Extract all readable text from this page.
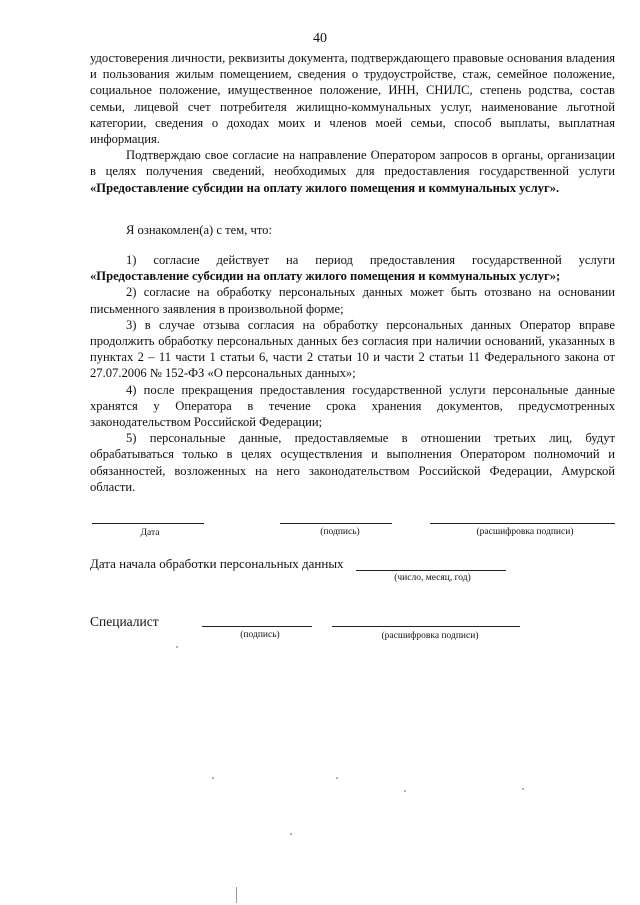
40

удостоверения личности, реквизиты документа, подтверждающего правовые основания владения и пользования жилым помещением, сведения о трудоустройстве, стаж, семейное положение, социальное положение, имущественное положение, ИНН, СНИЛС, степень родства, состав семьи, лицевой счет потребителя жилищно-коммунальных услуг, наименование льготной категории, сведения о доходах моих и членов моей семьи, способ выплаты, выплатная информация.

Подтверждаю свое согласие на направление Оператором запросов в органы, организации в целях получения сведений, необходимых для предоставления государственной услуги «Предоставление субсидии на оплату жилого помещения и коммунальных услуг».

Я ознакомлен(а) с тем, что:

1) согласие действует на период предоставления государственной услуги «Предоставление субсидии на оплату жилого помещения и коммунальных услуг»;

2) согласие на обработку персональных данных может быть отозвано на основании письменного заявления в произвольной форме;

3) в случае отзыва согласия на обработку персональных данных Оператор вправе продолжить обработку персональных данных без согласия при наличии оснований, указанных в пунктах 2 – 11 части 1 статьи 6, части 2 статьи 10 и части 2 статьи 11 Федерального закона от 27.07.2006 № 152-ФЗ «О персональных данных»;

4) после прекращения предоставления государственной услуги персональные данные хранятся у Оператора в течение срока хранения документов, предусмотренных законодательством Российской Федерации;

5) персональные данные, предоставляемые в отношении третьих лиц, будут обрабатываться только в целях осуществления и выполнения Оператором полномочий и обязанностей, возложенных на него законодательством Российской Федерации, Амурской области.

Дата	(подпись)	(расшифровка подписи)
Дата начала обработки персональных данных
(число, месяц, год)
Специалист
(подпись)	(расшифровка подписи)
